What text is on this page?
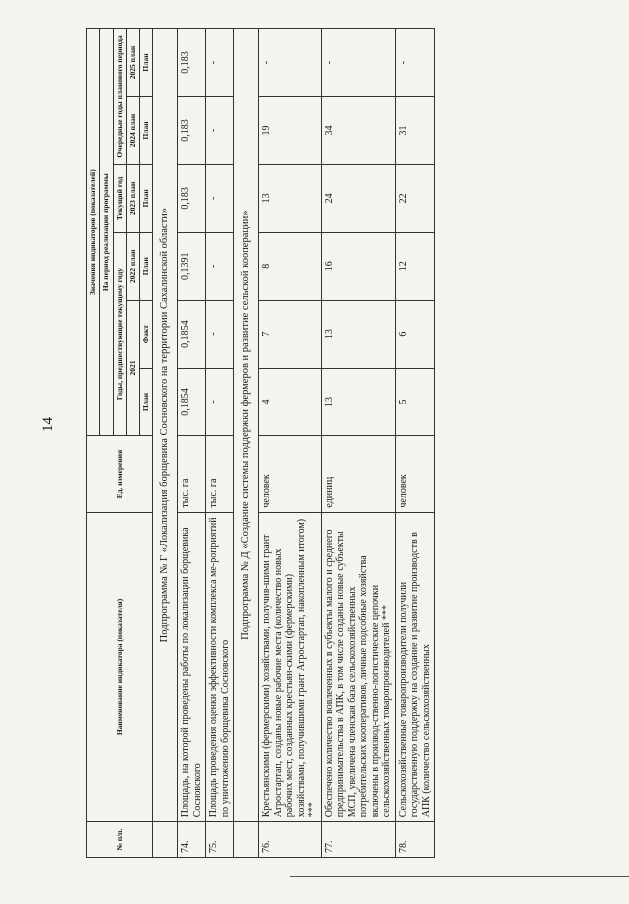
14
№ п/п.	Наименование индикатора (показателя)	Ед. измерения	Значения индикаторов (показателей)					
			На период реализации программы					
			Годы, предшествующие текущему году			Текущий год	Очередные годы планового периода	
			2021		2022 план	2023 план	2024 план	2025 план
			План	Факт	План	План	План	План
	Подпрограмма № Г «Локализация борщевика Сосновского на территории Сахалинской области»							
74.	Площадь, на которой проведены работы по локализации борщевика Сосновского	тыс. га	0,1854	0,1854	0,1391	0,183	0,183	0,183
75.	Площадь проведения оценки эффективности комплекса ме-роприятий по уничтожению борщевика Сосновского	тыс. га	-	-	-	-	-	-
	Подпрограмма № Д «Создание системы поддержки фермеров и развитие сельской кооперации»							
76.	Крестьянскими (фермерскими) хозяйствами, получив-шими грант Агростартап, созданы новые рабочие места (количество новых рабочих мест, созданных крестьян-скими (фермерскими) хозяйствами, получившими грант Агростартап, накопленным итогом) ***	человек	4	7	8	13	19	-
77.	Обеспечено количество вовлеченных в субъекты малого и среднего предпринимательства в АПК, в том числе созданы новые субъекты МСП, увеличена членская база сельскохозяйственных потребительских кооперативов, личные подсобные хозяйства включены в производ-ственно-логистические цепочки сельскохозяйственных товаропроизводителей ***	единиц	13	13	16	24	34	-
78.	Сельскохозяйственные товаропроизводители получили государственную поддержку на создание и развитие производств в АПК (количество сельскохозяйственных	человек	5	6	12	22	31	-
